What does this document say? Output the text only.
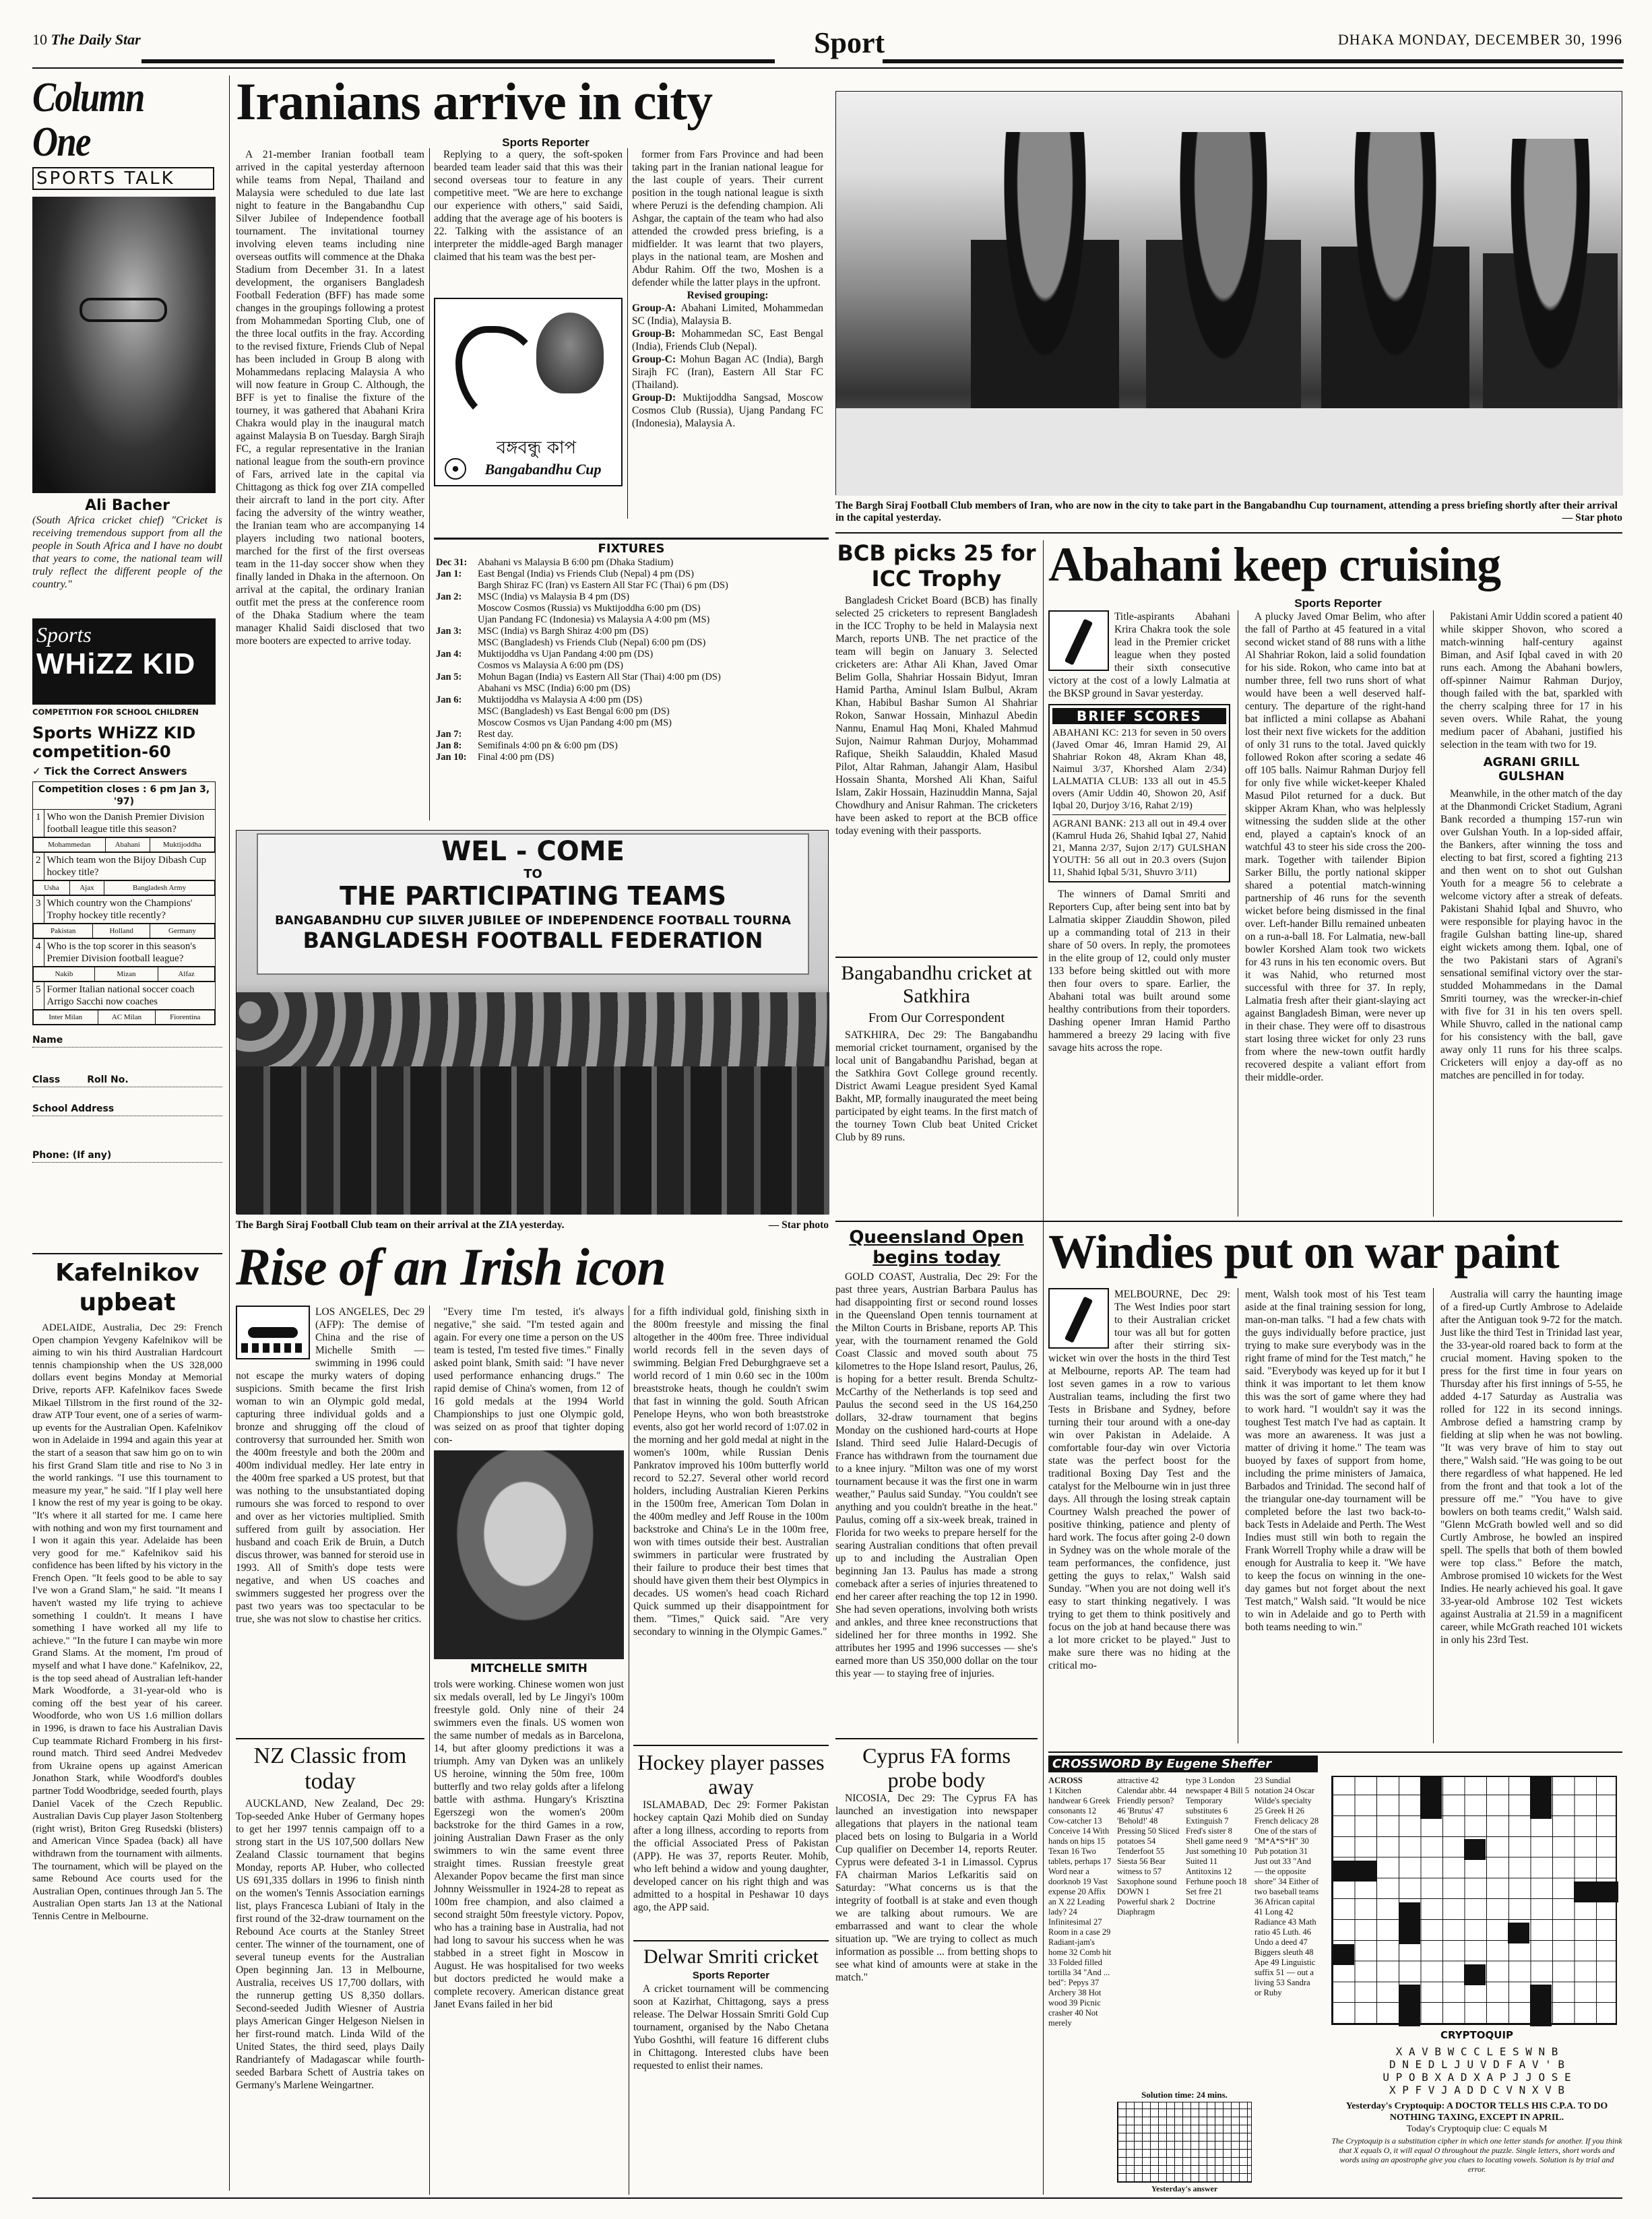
10 The Daily Star	Sport	DHAKA MONDAY, DECEMBER 30, 1996
Column One
SPORTS TALK
Ali Bacher
(South Africa cricket chief) "Cricket is receiving tremendous support from all the people in South Africa and I have no doubt that years to come, the national team will truly reflect the different people of the country."
Sports
WHiZZ KID
COMPETITION FOR SCHOOL CHILDREN
Sports WHiZZ KID competition-60
✓ Tick the Correct Answers
Competition closes : 6 pm Jan 3, '97)
1	Who won the Danish Premier Division football league title this season?

Mohammedan	Abahani	Muktijoddha

2	Which team won the Bijoy Dibash Cup hockey title?

Usha	Ajax	Bangladesh Army

3	Which country won the Champions' Trophy hockey title recently?

Pakistan	Holland	Germany

4	Who is the top scorer in this season's Premier Division football league?

Nakib	Mizan	Alfaz

5	Former Italian national soccer coach Arrigo Sacchi now coaches

Inter Milan	AC Milan	Fiorentina
Name
Class	Roll No.
School Address
Phone: (If any)
Kafelnikov upbeat
ADELAIDE, Australia, Dec 29: French Open champion Yevgeny Kafelnikov will be aiming to win his third Australian Hardcourt tennis championship when the US 328,000 dollars event begins Monday at Memorial Drive, reports AFP. Kafelnikov faces Swede Mikael Tillstrom in the first round of the 32-draw ATP Tour event, one of a series of warm-up events for the Australian Open. Kafelnikov won in Adelaide in 1994 and again this year at the start of a season that saw him go on to win his first Grand Slam title and rise to No 3 in the world rankings. "I use this tournament to measure my year," he said. "If I play well here I know the rest of my year is going to be okay. "It's where it all started for me. I came here with nothing and won my first tournament and I won it again this year. Adelaide has been very good for me." Kafelnikov said his confidence has been lifted by his victory in the French Open. "It feels good to be able to say I've won a Grand Slam," he said. "It means I haven't wasted my life trying to achieve something I couldn't. It means I have something I have worked all my life to achieve." "In the future I can maybe win more Grand Slams. At the moment, I'm proud of myself and what I have done." Kafelnikov, 22, is the top seed ahead of Australian left-hander Mark Woodforde, a 31-year-old who is coming off the best year of his career. Woodforde, who won US 1.6 million dollars in 1996, is drawn to face his Australian Davis Cup teammate Richard Fromberg in his first-round match. Third seed Andrei Medvedev from Ukraine opens up against American Jonathon Stark, while Woodford's doubles partner Todd Woodbridge, seeded fourth, plays Daniel Vacek of the Czech Republic. Australian Davis Cup player Jason Stoltenberg (right wrist), Briton Greg Rusedski (blisters) and American Vince Spadea (back) all have withdrawn from the tournament with ailments. The tournament, which will be played on the same Rebound Ace courts used for the Australian Open, continues through Jan 5. The Australian Open starts Jan 13 at the National Tennis Centre in Melbourne.
Iranians arrive in city
Sports Reporter
A 21-member Iranian football team arrived in the capital yesterday afternoon while teams from Nepal, Thailand and Malaysia were scheduled to due late last night to feature in the Bangabandhu Cup Silver Jubilee of Independence football tournament. The invitational tourney involving eleven teams including nine overseas outfits will commence at the Dhaka Stadium from December 31. In a latest development, the organisers Bangladesh Football Federation (BFF) has made some changes in the groupings following a protest from Mohammedan Sporting Club, one of the three local outfits in the fray. According to the revised fixture, Friends Club of Nepal has been included in Group B along with Mohammedans replacing Malaysia A who will now feature in Group C. Although, the BFF is yet to finalise the fixture of the tourney, it was gathered that Abahani Krira Chakra would play in the inaugural match against Malaysia B on Tuesday. Bargh Sirajh FC, a regular representative in the Iranian national league from the south-ern province of Fars, arrived late in the capital via Chittagong as thick fog over ZIA compelled their aircraft to land in the port city. After facing the adversity of the wintry weather, the Iranian team who are accompanying 14 players including two national booters, marched for the first of the first overseas team in the 11-day soccer show when they finally landed in Dhaka in the afternoon. On arrival at the capital, the ordinary Iranian outfit met the press at the conference room of the Dhaka Stadium where the team manager Khalid Saidi disclosed that two more booters are expected to arrive today.
Replying to a query, the soft-spoken bearded team leader said that this was their second overseas tour to feature in any competitive meet. "We are here to exchange our experience with others," said Saidi, adding that the average age of his booters is 22. Talking with the assistance of an interpreter the middle-aged Bargh manager claimed that his team was the best per-
বঙ্গবন্ধু কাপ
Bangabandhu Cup
former from Fars Province and had been taking part in the Iranian national league for the last couple of years. Their current position in the tough national league is sixth where Peruzi is the defending champion. Ali Ashgar, the captain of the team who had also attended the crowded press briefing, is a midfielder. It was learnt that two players, plays in the national team, are Moshen and Abdur Rahim. Off the two, Moshen is a defender while the latter plays in the upfront.
Revised grouping:
Group-A: Abahani Limited, Mohammedan SC (India), Malaysia B.
Group-B: Mohammedan SC, East Bengal (India), Friends Club (Nepal).
Group-C: Mohun Bagan AC (India), Bargh Sirajh FC (Iran), Eastern All Star FC (Thailand).
Group-D: Muktijoddha Sangsad, Moscow Cosmos Club (Russia), Ujang Pandang FC (Indonesia), Malaysia A.
FIXTURES
Dec 31:	Abahani vs Malaysia B 6:00 pm (Dhaka Stadium)

Jan 1:	East Bengal (India) vs Friends Club (Nepal) 4 pm (DS)
Bargh Shiraz FC (Iran) vs Eastern All Star FC (Thai) 6 pm (DS)

Jan 2:	MSC (India) vs Malaysia B 4 pm (DS)
Moscow Cosmos (Russia) vs Muktijoddha 6:00 pm (DS)
Ujan Pandang FC (Indonesia) vs Malaysia A 4:00 pm (MS)

Jan 3:	MSC (India) vs Bargh Shiraz 4:00 pm (DS)
MSC (Bangladesh) vs Friends Club (Nepal) 6:00 pm (DS)

Jan 4:	Muktijoddha vs Ujan Pandang 4:00 pm (DS)
Cosmos vs Malaysia A 6:00 pm (DS)

Jan 5:	Mohun Bagan (India) vs Eastern All Star (Thai) 4:00 pm (DS)
Abahani vs MSC (India) 6:00 pm (DS)

Jan 6:	Muktijoddha vs Malaysia A 4:00 pm (DS)
MSC (Bangladesh) vs East Bengal 6:00 pm (DS)
Moscow Cosmos vs Ujan Pandang 4:00 pm (MS)

Jan 7:	Rest day.

Jan 8:	Semifinals 4:00 pn & 6:00 pm (DS)

Jan 10:	Final 4:00 pm (DS)
WEL - COME
TO
THE PARTICIPATING TEAMS
BANGABANDHU CUP SILVER JUBILEE OF INDEPENDENCE FOOTBALL TOURNA
BANGLADESH FOOTBALL FEDERATION
The Bargh Siraj Football Club team on their arrival at the ZIA yesterday.	— Star photo
The Bargh Siraj Football Club members of Iran, who are now in the city to take part in the Bangabandhu Cup tournament, attending a press briefing shortly after their arrival in the capital yesterday.	— Star photo
BCB picks 25 for ICC Trophy
Bangladesh Cricket Board (BCB) has finally selected 25 cricketers to represent Bangladesh in the ICC Trophy to be held in Malaysia next March, reports UNB. The net practice of the team will begin on January 3. Selected cricketers are: Athar Ali Khan, Javed Omar Belim Golla, Shahriar Hossain Bidyut, Imran Hamid Partha, Aminul Islam Bulbul, Akram Khan, Habibul Bashar Sumon Al Shahriar Rokon, Sanwar Hossain, Minhazul Abedin Nannu, Enamul Haq Moni, Khaled Mahmud Sujon, Naimur Rahman Durjoy, Mohammad Rafique, Sheikh Salauddin, Khaled Masud Pilot, Altar Rahman, Jahangir Alam, Hasibul Hossain Shanta, Morshed Ali Khan, Saiful Islam, Zakir Hossain, Hazinuddin Manna, Sajal Chowdhury and Anisur Rahman. The cricketers have been asked to report at the BCB office today evening with their passports.
Bangabandhu cricket at Satkhira
From Our Correspondent
SATKHIRA, Dec 29: The Bangabandhu memorial cricket tournament, organised by the local unit of Bangabandhu Parishad, began at the Satkhira Govt College ground recently. District Awami League president Syed Kamal Bakht, MP, formally inaugurated the meet being participated by eight teams. In the first match of the tourney Town Club beat United Cricket Club by 89 runs.
Abahani keep cruising
Sports Reporter
Title-aspirants Abahani Krira Chakra took the sole lead in the Premier cricket league when they posted their sixth consecutive victory at the cost of a lowly Lalmatia at the BKSP ground in Savar yesterday.
BRIEF SCORES
ABAHANI KC: 213 for seven in 50 overs (Javed Omar 46, Imran Hamid 29, Al Shahriar Rokon 48, Akram Khan 48, Naimul 3/37, Khorshed Alam 2/34) LALMATIA CLUB: 133 all out in 45.5 overs (Amir Uddin 40, Showon 20, Asif Iqbal 20, Durjoy 3/16, Rahat 2/19)
AGRANI BANK: 213 all out in 49.4 over (Kamrul Huda 26, Shahid Iqbal 27, Nahid 21, Manna 2/37, Sujon 2/17) GULSHAN YOUTH: 56 all out in 20.3 overs (Sujon 11, Shahid Iqbal 5/31, Shuvro 3/11)
The winners of Damal Smriti and Reporters Cup, after being sent into bat by Lalmatia skipper Ziauddin Showon, piled up a commanding total of 213 in their share of 50 overs. In reply, the promotees in the elite group of 12, could only muster 133 before being skittled out with more then four overs to spare. Earlier, the Abahani total was built around some healthy contributions from their toporders. Dashing opener Imran Hamid Partho hammered a breezy 29 lacing with five savage hits across the rope.
A plucky Javed Omar Belim, who after the fall of Partho at 45 featured in a vital second wicket stand of 88 runs with a lithe Al Shahriar Rokon, laid a solid foundation for his side. Rokon, who came into bat at number three, fell two runs short of what would have been a well deserved half-century. The departure of the right-hand bat inflicted a mini collapse as Abahani lost their next five wickets for the addition of only 31 runs to the total. Javed quickly followed Rokon after scoring a sedate 46 off 105 balls. Naimur Rahman Durjoy fell for only five while wicket-keeper Khaled Masud Pilot returned for a duck. But skipper Akram Khan, who was helplessly witnessing the sudden slide at the other end, played a captain's knock of an watchful 43 to steer his side cross the 200-mark. Together with tailender Bipion Sarker Billu, the portly national skipper shared a potential match-winning partnership of 46 runs for the seventh wicket before being dismissed in the final over. Left-hander Billu remained unbeaten on a run-a-ball 18. For Lalmatia, new-ball bowler Korshed Alam took two wickets for 43 runs in his ten economic overs. But it was Nahid, who returned most successful with three for 37. In reply, Lalmatia fresh after their giant-slaying act against Bangladesh Biman, were never up in their chase. They were off to disastrous start losing three wicket for only 23 runs from where the new-town outfit hardly recovered despite a valiant effort from their middle-order.
Pakistani Amir Uddin scored a patient 40 while skipper Shovon, who scored a match-winning half-century against Biman, and Asif Iqbal caved in with 20 runs each. Among the Abahani bowlers, off-spinner Naimur Rahman Durjoy, though failed with the bat, sparkled with the cherry scalping three for 17 in his seven overs. While Rahat, the young medium pacer of Abahani, justified his selection in the team with two for 19.
AGRANI GRILL GULSHAN
Meanwhile, in the other match of the day at the Dhanmondi Cricket Stadium, Agrani Bank recorded a thumping 157-run win over Gulshan Youth. In a lop-sided affair, the Bankers, after winning the toss and electing to bat first, scored a fighting 213 and then went on to shot out Gulshan Youth for a meagre 56 to celebrate a welcome victory after a streak of defeats. Pakistani Shahid Iqbal and Shuvro, who were responsible for playing havoc in the fragile Gulshan batting line-up, shared eight wickets among them. Iqbal, one of the two Pakistani stars of Agrani's sensational semifinal victory over the star-studded Mohammedans in the Damal Smriti tourney, was the wrecker-in-chief with five for 31 in his ten overs spell. While Shuvro, called in the national camp for his consistency with the ball, gave away only 11 runs for his three scalps. Cricketers will enjoy a day-off as no matches are pencilled in for today.
Rise of an Irish icon
LOS ANGELES, Dec 29 (AFP): The demise of China and the rise of Michelle Smith — swimming in 1996 could not escape the murky waters of doping suspicions. Smith became the first Irish woman to win an Olympic gold medal, capturing three individual golds and a bronze and shrugging off the cloud of controversy that surrounded her. Smith won the 400m freestyle and both the 200m and 400m individual medley. Her late entry in the 400m free sparked a US protest, but that was nothing to the unsubstantiated doping rumours she was forced to respond to over and over as her victories multiplied. Smith suffered from guilt by association. Her husband and coach Erik de Bruin, a Dutch discus thrower, was banned for steroid use in 1993. All of Smith's dope tests were negative, and when US coaches and swimmers suggested her progress over the past two years was too spectacular to be true, she was not slow to chastise her critics.
"Every time I'm tested, it's always negative," she said. "I'm tested again and again. For every one time a person on the US team is tested, I'm tested five times." Finally asked point blank, Smith said: "I have never used performance enhancing drugs." The rapid demise of China's women, from 12 of 16 gold medals at the 1994 World Championships to just one Olympic gold, was seized on as proof that tighter doping con-
MITCHELLE SMITH
trols were working. Chinese women won just six medals overall, led by Le Jingyi's 100m freestyle gold. Only nine of their 24 swimmers even the finals. US women won the same number of medals as in Barcelona, 14, but after gloomy predictions it was a triumph. Amy van Dyken was an unlikely US heroine, winning the 50m free, 100m butterfly and two relay golds after a lifelong battle with asthma. Hungary's Krisztina Egerszegi won the women's 200m backstroke for the third Games in a row, joining Australian Dawn Fraser as the only swimmers to win the same event three straight times. Russian freestyle great Alexander Popov became the first man since Johnny Weissmuller in 1924-28 to repeat as 100m free champion, and also claimed a second straight 50m freestyle victory. Popov, who has a training base in Australia, had not had long to savour his success when he was stabbed in a street fight in Moscow in August. He was hospitalised for two weeks but doctors predicted he would make a complete recovery. American distance great Janet Evans failed in her bid
for a fifth individual gold, finishing sixth in the 800m freestyle and missing the final altogether in the 400m free. Three individual world records fell in the seven days of swimming. Belgian Fred Deburghgraeve set a world record of 1 min 0.60 sec in the 100m breaststroke heats, though he couldn't swim that fast in winning the gold. South African Penelope Heyns, who won both breaststroke events, also got her world record of 1:07.02 in the morning and her gold medal at night in the women's 100m, while Russian Denis Pankratov improved his 100m butterfly world record to 52.27. Several other world record holders, including Australian Kieren Perkins in the 1500m free, American Tom Dolan in the 400m medley and Jeff Rouse in the 100m backstroke and China's Le in the 100m free, won with times outside their best. Australian swimmers in particular were frustrated by their failure to produce their best times that should have given them their best Olympics in decades. US women's head coach Richard Quick summed up their disappointment for them. "Times," Quick said. "Are very secondary to winning in the Olympic Games."
NZ Classic from today
AUCKLAND, New Zealand, Dec 29: Top-seeded Anke Huber of Germany hopes to get her 1997 tennis campaign off to a strong start in the US 107,500 dollars New Zealand Classic tournament that begins Monday, reports AP. Huber, who collected US 691,335 dollars in 1996 to finish ninth on the women's Tennis Association earnings list, plays Francesca Lubiani of Italy in the first round of the 32-draw tournament on the Rebound Ace courts at the Stanley Street center. The winner of the tournament, one of several tuneup events for the Australian Open beginning Jan. 13 in Melbourne, Australia, receives US 17,700 dollars, with the runnerup getting US 8,350 dollars. Second-seeded Judith Wiesner of Austria plays American Ginger Helgeson Nielsen in her first-round match. Linda Wild of the United States, the third seed, plays Daily Randriantefy of Madagascar while fourth-seeded Barbara Schett of Austria takes on Germany's Marlene Weingartner.
Hockey player passes away
ISLAMABAD, Dec 29: Former Pakistan hockey captain Qazi Mohib died on Sunday after a long illness, according to reports from the official Associated Press of Pakistan (APP). He was 37, reports Reuter. Mohib, who left behind a widow and young daughter, developed cancer on his right thigh and was admitted to a hospital in Peshawar 10 days ago, the APP said.
Delwar Smriti cricket
Sports Reporter
A cricket tournament will be commencing soon at Kazirhat, Chittagong, says a press release. The Delwar Hossain Smriti Gold Cup tournament, organised by the Nabo Chetana Yubo Goshthi, will feature 16 different clubs in Chittagong. Interested clubs have been requested to enlist their names.
Queensland Open begins today
GOLD COAST, Australia, Dec 29: For the past three years, Austrian Barbara Paulus has had disappointing first or second round losses in the Queensland Open tennis tournament at the Milton Courts in Brisbane, reports AP. This year, with the tournament renamed the Gold Coast Classic and moved south about 75 kilometres to the Hope Island resort, Paulus, 26, is hoping for a better result. Brenda Schultz-McCarthy of the Netherlands is top seed and Paulus the second seed in the US 164,250 dollars, 32-draw tournament that begins Monday on the cushioned hard-courts at Hope Island. Third seed Julie Halard-Decugis of France has withdrawn from the tournament due to a knee injury. "Milton was one of my worst tournament because it was the first one in warm weather," Paulus said Sunday. "You couldn't see anything and you couldn't breathe in the heat." Paulus, coming off a six-week break, trained in Florida for two weeks to prepare herself for the searing Australian conditions that often prevail up to and including the Australian Open beginning Jan 13. Paulus has made a strong comeback after a series of injuries threatened to end her career after reaching the top 12 in 1990. She had seven operations, involving both wrists and ankles, and three knee reconstructions that sidelined her for three months in 1992. She attributes her 1995 and 1996 successes — she's earned more than US 350,000 dollar on the tour this year — to staying free of injuries.
Cyprus FA forms probe body
NICOSIA, Dec 29: The Cyprus FA has launched an investigation into newspaper allegations that players in the national team placed bets on losing to Bulgaria in a World Cup qualifier on December 14, reports Reuter. Cyprus were defeated 3-1 in Limassol. Cyprus FA chairman Marios Lefkaritis said on Saturday: "What concerns us is that the integrity of football is at stake and even though we are talking about rumours. We are embarrassed and want to clear the whole situation up. "We are trying to collect as much information as possible ... from betting shops to see what kind of amounts were at stake in the match."
Windies put on war paint
MELBOURNE, Dec 29: The West Indies poor start to their Australian cricket tour was all but for gotten after their stirring six-wicket win over the hosts in the third Test at Melbourne, reports AP. The team had lost seven games in a row to various Australian teams, including the first two Tests in Brisbane and Sydney, before turning their tour around with a one-day win over Pakistan in Adelaide. A comfortable four-day win over Victoria state was the perfect boost for the traditional Boxing Day Test and the catalyst for the Melbourne win in just three days. All through the losing streak captain Courtney Walsh preached the power of positive thinking, patience and plenty of hard work. The focus after going 2-0 down in Sydney was on the whole morale of the team performances, the confidence, just getting the guys to relax," Walsh said Sunday. "When you are not doing well it's easy to start thinking negatively. I was trying to get them to think positively and focus on the job at hand because there was a lot more cricket to be played." Just to make sure there was no hiding at the critical mo-
ment, Walsh took most of his Test team aside at the final training session for long, man-on-man talks. "I had a few chats with the guys individually before practice, just trying to make sure everybody was in the right frame of mind for the Test match," he said. "Everybody was keyed up for it but I think it was important to let them know this was the sort of game where they had to work hard. "I wouldn't say it was the toughest Test match I've had as captain. It was more an awareness. It was just a matter of driving it home." The team was buoyed by faxes of support from home, including the prime ministers of Jamaica, Barbados and Trinidad. The second half of the triangular one-day tournament will be completed before the last two back-to-back Tests in Adelaide and Perth. The West Indies must still win both to regain the Frank Worrell Trophy while a draw will be enough for Australia to keep it. "We have to keep the focus on winning in the one-day games but not forget about the next Test match," Walsh said. "It would be nice to win in Adelaide and go to Perth with both teams needing to win."
Australia will carry the haunting image of a fired-up Curtly Ambrose to Adelaide after the Antiguan took 9-72 for the match. Just like the third Test in Trinidad last year, the 33-year-old roared back to form at the crucial moment. Having spoken to the press for the first time in four years on Thursday after his first innings of 5-55, he added 4-17 Saturday as Australia was rolled for 122 in its second innings. Ambrose defied a hamstring cramp by fielding at slip when he was not bowling. "It was very brave of him to stay out there," Walsh said. "He was going to be out there regardless of what happened. He led from the front and that took a lot of the pressure off me." "You have to give bowlers on both teams credit," Walsh said. "Glenn McGrath bowled well and so did Curtly Ambrose, he bowled an inspired spell. The spells that both of them bowled were top class." Before the match, Ambrose promised 10 wickets for the West Indies. He nearly achieved his goal. It gave 33-year-old Ambrose 102 Test wickets against Australia at 21.59 in a magnificent career, while McGrath reached 101 wickets in only his 23rd Test.
CROSSWORD By Eugene Sheffer
ACROSS
1 Kitchen handwear 6 Greek consonants 12 Cow-catcher 13 Conceive 14 With hands on hips 15 Texan 16 Two tablets, perhaps 17 Word near a doorknob 19 Vast expense 20 Affix an X 22 Leading lady? 24 Infinitesimal 27 Room in a case 29 Radiant-jam's home 32 Comb hit 33 Folded filled tortilla 34 "And ... bed": Pepys 37 Archery 38 Hot wood 39 Picnic crasher 40 Not merely
attractive 42 Calendar abbr. 44 Friendly person? 46 'Brutus' 47 'Behold!' 48 Pressing 50 Sliced potatoes 54 Tenderfoot 55 Siesta 56 Bear witness to 57 Saxophone sound DOWN 1 Powerful shark 2 Diaphragm
type 3 London newspaper 4 Bill 5 Temporary substitutes 6 Extinguish 7 Fred's sister 8 Shell game need 9 Just something 10 Suited 11 Antitoxins 12 Ferhune pooch 18 Set free 21 Doctrine
23 Sundial notation 24 Oscar Wilde's specialty 25 Greek H 26 French delicacy 28 One of the stars of "M*A*S*H" 30 Pub potation 31 Just out 33 "And — the opposite shore" 34 Either of two baseball teams 36 African capital 41 Long 42 Radiance 43 Math ratio 45 Luth. 46 Undo a deed 47 Biggers sleuth 48 Ape 49 Linguistic suffix 51 — out a living 53 Sandra or Ruby
Solution time: 24 mins.
Yesterday's answer
CRYPTOQUIP
X A V B W C C L E S W N B
D N E D L J U V D F A V ' B
U P O B X A D X A P J J O S E
X P F V J A D D C V N X V B
Yesterday's Cryptoquip: A DOCTOR TELLS HIS C.P.A. TO DO NOTHING TAXING, EXCEPT IN APRIL.
Today's Cryptoquip clue: C equals M
The Cryptoquip is a substitution cipher in which one letter stands for another. If you think that X equals O, it will equal O throughout the puzzle. Single letters, short words and words using an apostrophe give you clues to locating vowels. Solution is by trial and error.
